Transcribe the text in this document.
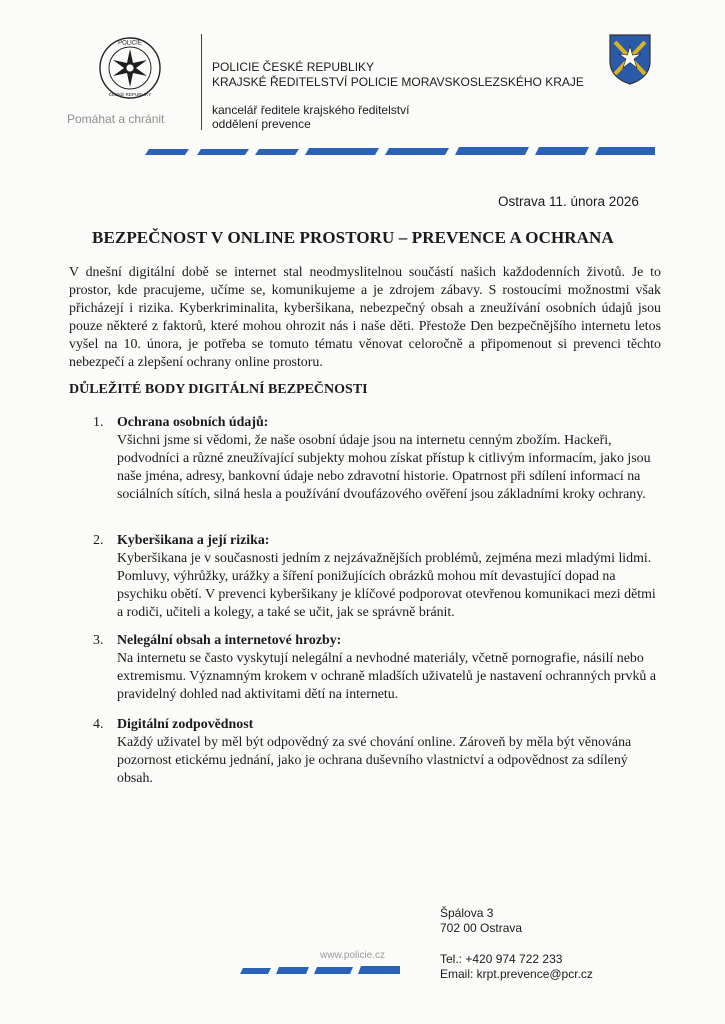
POLICIE
ČESKÉ REPUBLIKY
Pomáhat a chránit
POLICIE ČESKÉ REPUBLIKY
KRAJSKÉ ŘEDITELSTVÍ POLICIE MORAVSKOSLEZSKÉHO KRAJE
kancelář ředitele krajského ředitelství
oddělení prevence
Ostrava 11. února 2026
BEZPEČNOST V ONLINE PROSTORU – PREVENCE A OCHRANA

V dnešní digitální době se internet stal neodmyslitelnou součástí našich každodenních životů. Je to prostor, kde pracujeme, učíme se, komunikujeme a je zdrojem zábavy. S rostoucími možnostmi však přicházejí i rizika. Kyberkriminalita, kyberšikana, nebezpečný obsah a zneužívání osobních údajů jsou pouze některé z faktorů, které mohou ohrozit nás i naše děti. Přestože Den bezpečnějšího internetu letos vyšel na 10. února, je potřeba se tomuto tématu věnovat celoročně a připomenout si prevenci těchto nebezpečí a zlepšení ochrany online prostoru.

DŮLEŽITÉ BODY DIGITÁLNÍ BEZPEČNOSTI
1. Ochrana osobních údajů:

Všichni jsme si vědomi, že naše osobní údaje jsou na internetu cenným zbožím. Hackeři, podvodníci a různé zneužívající subjekty mohou získat přístup k citlivým informacím, jako jsou naše jména, adresy, bankovní údaje nebo zdravotní historie. Opatrnost při sdílení informací na sociálních sítích, silná hesla a používání dvoufázového ověření jsou základními kroky ochrany.

2. Kyberšikana a její rizika:

Kyberšikana je v současnosti jedním z nejzávažnějších problémů, zejména mezi mladými lidmi. Pomluvy, výhrůžky, urážky a šíření ponižujících obrázků mohou mít devastující dopad na psychiku obětí. V prevenci kyberšikany je klíčové podporovat otevřenou komunikaci mezi dětmi a rodiči, učiteli a kolegy, a také se učit, jak se správně bránit.

3. Nelegální obsah a internetové hrozby:

Na internetu se často vyskytují nelegální a nevhodné materiály, včetně pornografie, násilí nebo extremismu. Významným krokem v ochraně mladších uživatelů je nastavení ochranných prvků a pravidelný dohled nad aktivitami dětí na internetu.

4. Digitální zodpovědnost

Každý uživatel by měl být odpovědný za své chování online. Zároveň by měla být věnována pozornost etickému jednání, jako je ochrana duševního vlastnictví a odpovědnost za sdílený obsah.

Špálova 3
702 00 Ostrava
www.policie.cz	Tel.: +420 974 722 233
Email: krpt.prevence@pcr.cz
